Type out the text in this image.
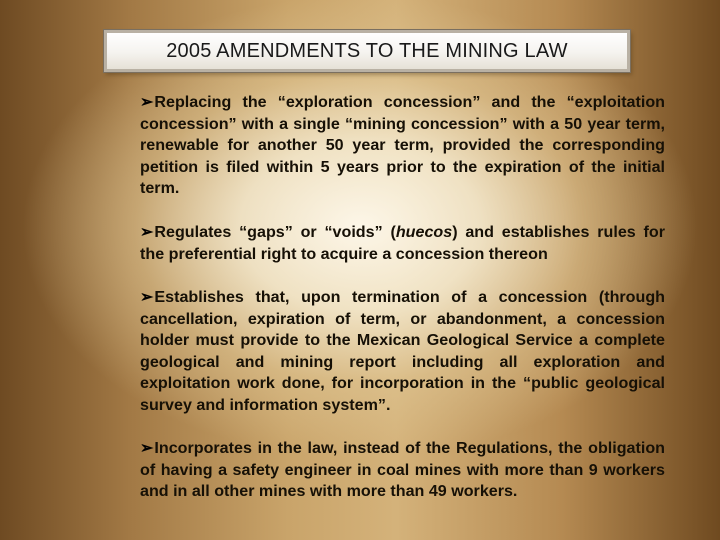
2005 AMENDMENTS TO THE MINING LAW

➢Replacing the “exploration concession” and the “exploitation concession” with a single “mining concession” with a 50 year term, renewable for another 50 year term, provided the corresponding petition is filed within 5 years prior to the expiration of the initial term.

➢Regulates “gaps” or “voids” (huecos) and establishes rules for the preferential right to acquire a concession thereon

➢Establishes that, upon termination of a concession (through cancellation, expiration of term, or abandonment, a concession holder must provide to the Mexican Geological Service a complete geological and mining report including all exploration and exploitation work done, for incorporation in the “public geological survey and information system”.

➢Incorporates in the law, instead of the Regulations, the obligation of having a safety engineer in coal mines with more than 9 workers and in all other mines with more than 49 workers.
